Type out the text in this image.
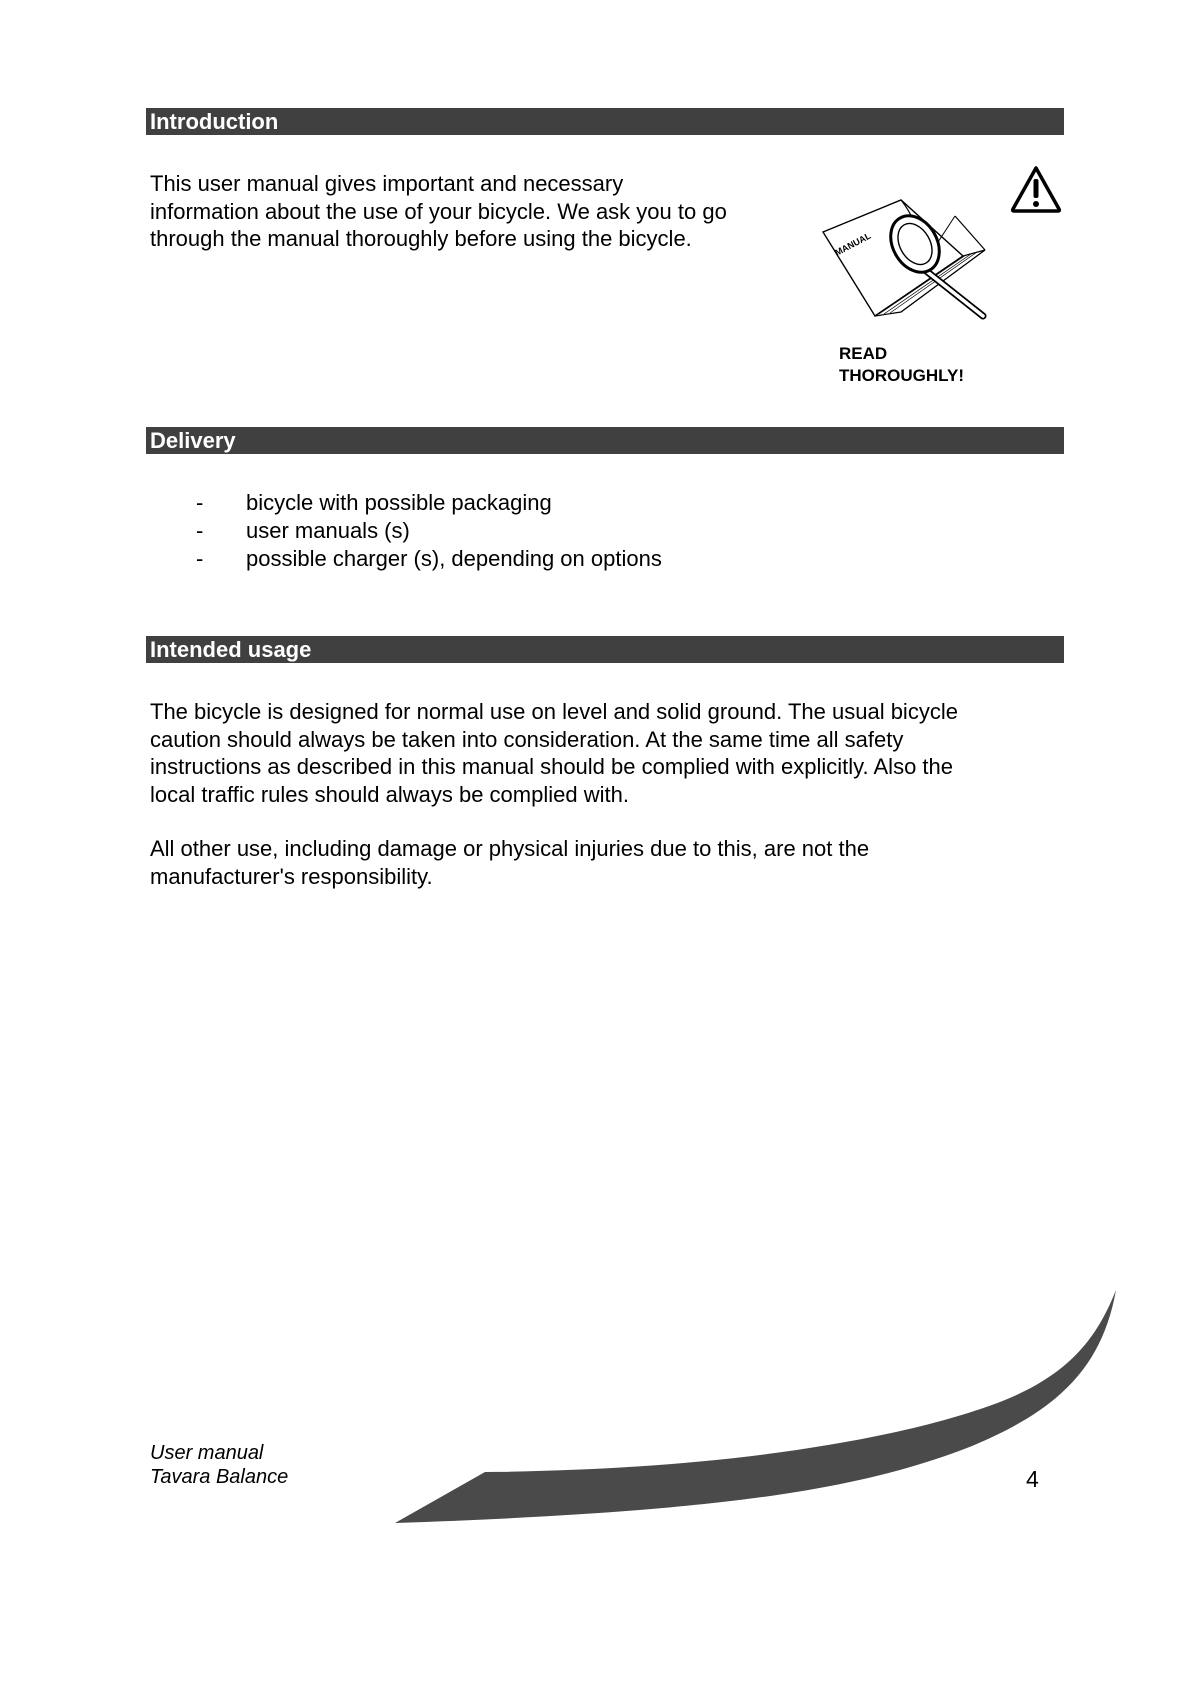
Introduction

This user manual gives important and necessary
information about the use of your bicycle. We ask you to go
through the manual thoroughly before using the bicycle.	MANUAL

READ
THOROUGHLY!

Delivery
- bicycle with possible packaging
- user manuals (s)
- possible charger (s), depending on options
Intended usage

The bicycle is designed for normal use on level and solid ground. The usual bicycle
caution should always be taken into consideration. At the same time all safety
instructions as described in this manual should be complied with explicitly. Also the
local traffic rules should always be complied with.

All other use, including damage or physical injuries due to this, are not the
manufacturer's responsibility.

User manual
Tavara Balance	4
